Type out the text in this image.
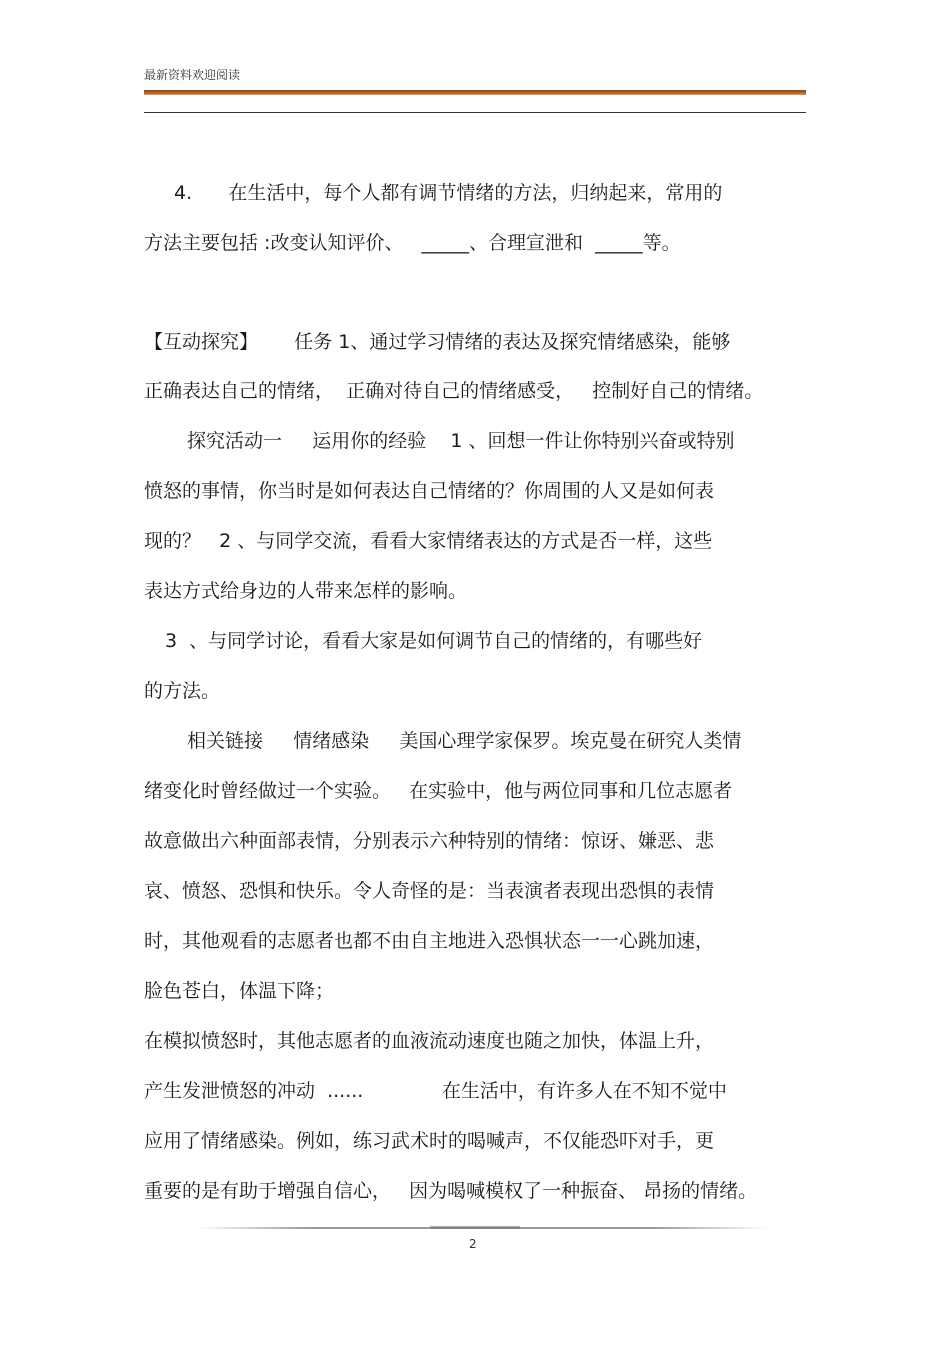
最新资料欢迎阅读
4.      在生活中，每个人都有调节情绪的方法，归纳起来，常用的
方法主要包括 :改变认知评价、   _____、合理宣泄和  _____等。
【互动探究】      任务 1、通过学习情绪的表达及探究情绪感染，能够
正确表达自己的情绪，  正确对待自己的情绪感受，   控制好自己的情绪。
探究活动一     运用你的经验    1 、回想一件让你特别兴奋或特别
愤怒的事情，你当时是如何表达自己情绪的？你周围的人又是如何表
现的？   2 、与同学交流，看看大家情绪表达的方式是否一样，这些
表达方式给身边的人带来怎样的影响。
3  、与同学讨论，看看大家是如何调节自己的情绪的，有哪些好
的方法。
相关链接     情绪感染     美国心理学家保罗。埃克曼在研究人类情
绪变化时曾经做过一个实验。   在实验中，他与两位同事和几位志愿者
故意做出六种面部表情，分别表示六种特别的情绪：惊讶、嫌恶、悲
哀、愤怒、恐惧和快乐。令人奇怪的是：当表演者表现出恐惧的表情
时，其他观看的志愿者也都不由自主地进入恐惧状态一一心跳加速，
脸色苍白，体温下降；
在模拟愤怒时，其他志愿者的血液流动速度也随之加快，体温上升，
产生发泄愤怒的冲动  ......             在生活中，有许多人在不知不觉中
应用了情绪感染。例如，练习武术时的喝喊声，不仅能恐吓对手，更
重要的是有助于增强自信心，   因为喝喊模权了一种振奋、 昂扬的情绪。
2
